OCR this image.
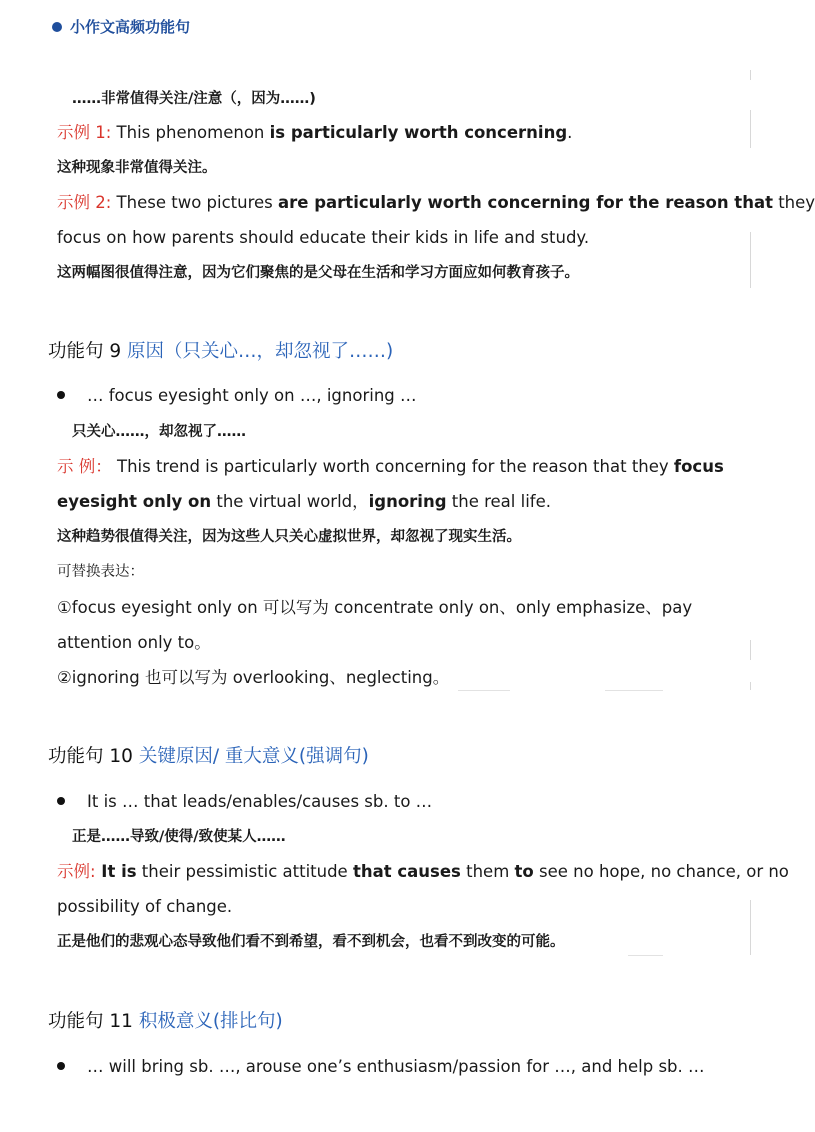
小作文高频功能句
……非常值得关注/注意（，因为……)
示例 1: This phenomenon is particularly worth concerning.
这种现象非常值得关注。
示例 2: These two pictures are particularly worth concerning for the reason that they
focus on how parents should educate their kids in life and study.
这两幅图很值得注意，因为它们聚焦的是父母在生活和学习方面应如何教育孩子。
功能句 9 原因（只关心…，却忽视了……)
… focus eyesight only on …, ignoring …
只关心……，却忽视了……
示 例： This trend is particularly worth concerning for the reason that they focus
eyesight only on the virtual world，ignoring the real life.
这种趋势很值得关注，因为这些人只关心虚拟世界，却忽视了现实生活。
可替换表达：
①focus eyesight only on 可以写为 concentrate only on、only emphasize、pay
attention only to。
②ignoring 也可以写为 overlooking、neglecting。
功能句 10 关键原因/ 重大意义(强调句)
It is … that leads/enables/causes sb. to …
正是……导致/使得/致使某人……
示例: It is their pessimistic attitude that causes them to see no hope, no chance, or no
possibility of change.
正是他们的悲观心态导致他们看不到希望，看不到机会，也看不到改变的可能。
功能句 11 积极意义(排比句)
… will bring sb. …, arouse one’s enthusiasm/passion for …, and help sb. …
